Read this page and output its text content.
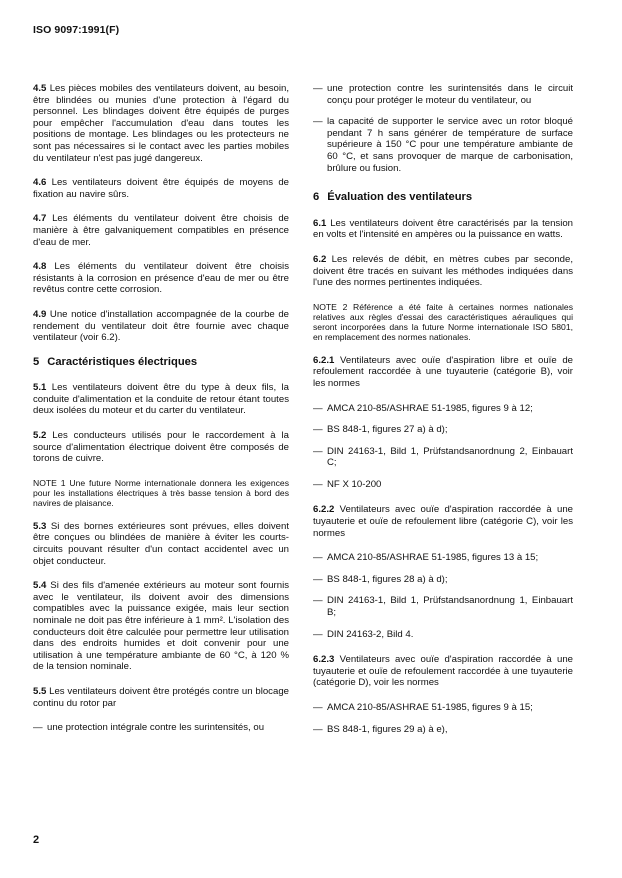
ISO 9097:1991(F)

4.5 Les pièces mobiles des ventilateurs doivent, au besoin, être blindées ou munies d'une protection à l'égard du personnel. Les blindages doivent être équipés de purges pour empêcher l'accumulation d'eau dans toutes les positions de montage. Les blindages ou les protecteurs ne sont pas nécessaires si le contact avec les parties mobiles du ventilateur n'est pas jugé dangereux.

4.6 Les ventilateurs doivent être équipés de moyens de fixation au navire sûrs.

4.7 Les éléments du ventilateur doivent être choisis de manière à être galvaniquement compatibles en présence d'eau de mer.

4.8 Les éléments du ventilateur doivent être choisis résistants à la corrosion en présence d'eau de mer ou être revêtus contre cette corrosion.

4.9 Une notice d'installation accompagnée de la courbe de rendement du ventilateur doit être fournie avec chaque ventilateur (voir 6.2).

5 Caractéristiques électriques

5.1 Les ventilateurs doivent être du type à deux fils, la conduite d'alimentation et la conduite de retour étant toutes deux isolées du moteur et du carter du ventilateur.

5.2 Les conducteurs utilisés pour le raccordement à la source d'alimentation électrique doivent être composés de torons de cuivre.

NOTE 1 Une future Norme internationale donnera les exigences pour les installations électriques à très basse tension à bord des navires de plaisance.

5.3 Si des bornes extérieures sont prévues, elles doivent être conçues ou blindées de manière à éviter les courts-circuits pouvant résulter d'un contact accidentel avec un objet conducteur.

5.4 Si des fils d'amenée extérieurs au moteur sont fournis avec le ventilateur, ils doivent avoir des dimensions compatibles avec la puissance exigée, mais leur section nominale ne doit pas être inférieure à 1 mm². L'isolation des conducteurs doit être calculée pour permettre leur utilisation dans des endroits humides et doit convenir pour une utilisation à une température ambiante de 60 °C, à 120 % de la tension nominale.

5.5 Les ventilateurs doivent être protégés contre un blocage continu du rotor par

— une protection intégrale contre les surintensités, ou
— une protection contre les surintensités dans le circuit conçu pour protéger le moteur du ventilateur, ou
— la capacité de supporter le service avec un rotor bloqué pendant 7 h sans générer de température de surface supérieure à 150 °C pour une température ambiante de 60 °C, et sans provoquer de marque de carbonisation, brûlure ou fusion.

6 Évaluation des ventilateurs

6.1 Les ventilateurs doivent être caractérisés par la tension en volts et l'intensité en ampères ou la puissance en watts.

6.2 Les relevés de débit, en mètres cubes par seconde, doivent être tracés en suivant les méthodes indiquées dans l'une des normes pertinentes indiquées.

NOTE 2 Référence a été faite à certaines normes nationales relatives aux règles d'essai des caractéristiques aérauliques qui seront incorporées dans la future Norme internationale ISO 5801, en remplacement des normes nationales.

6.2.1 Ventilateurs avec ouïe d'aspiration libre et ouïe de refoulement raccordée à une tuyauterie (catégorie B), voir les normes

— AMCA 210-85/ASHRAE 51-1985, figures 9 à 12;
— BS 848-1, figures 27 a) à d);
— DIN 24163-1, Bild 1, Prüfstandsanordnung 2, Einbauart C;
— NF X 10-200

6.2.2 Ventilateurs avec ouïe d'aspiration raccordée à une tuyauterie et ouïe de refoulement libre (catégorie C), voir les normes

— AMCA 210-85/ASHRAE 51-1985, figures 13 à 15;
— BS 848-1, figures 28 a) à d);
— DIN 24163-1, Bild 1, Prüfstandsanordnung 1, Einbauart B;
— DIN 24163-2, Bild 4.

6.2.3 Ventilateurs avec ouïe d'aspiration raccordée à une tuyauterie et ouïe de refoulement raccordée à une tuyauterie (catégorie D), voir les normes

— AMCA 210-85/ASHRAE 51-1985, figures 9 à 15;
— BS 848-1, figures 29 a) à e),
2
